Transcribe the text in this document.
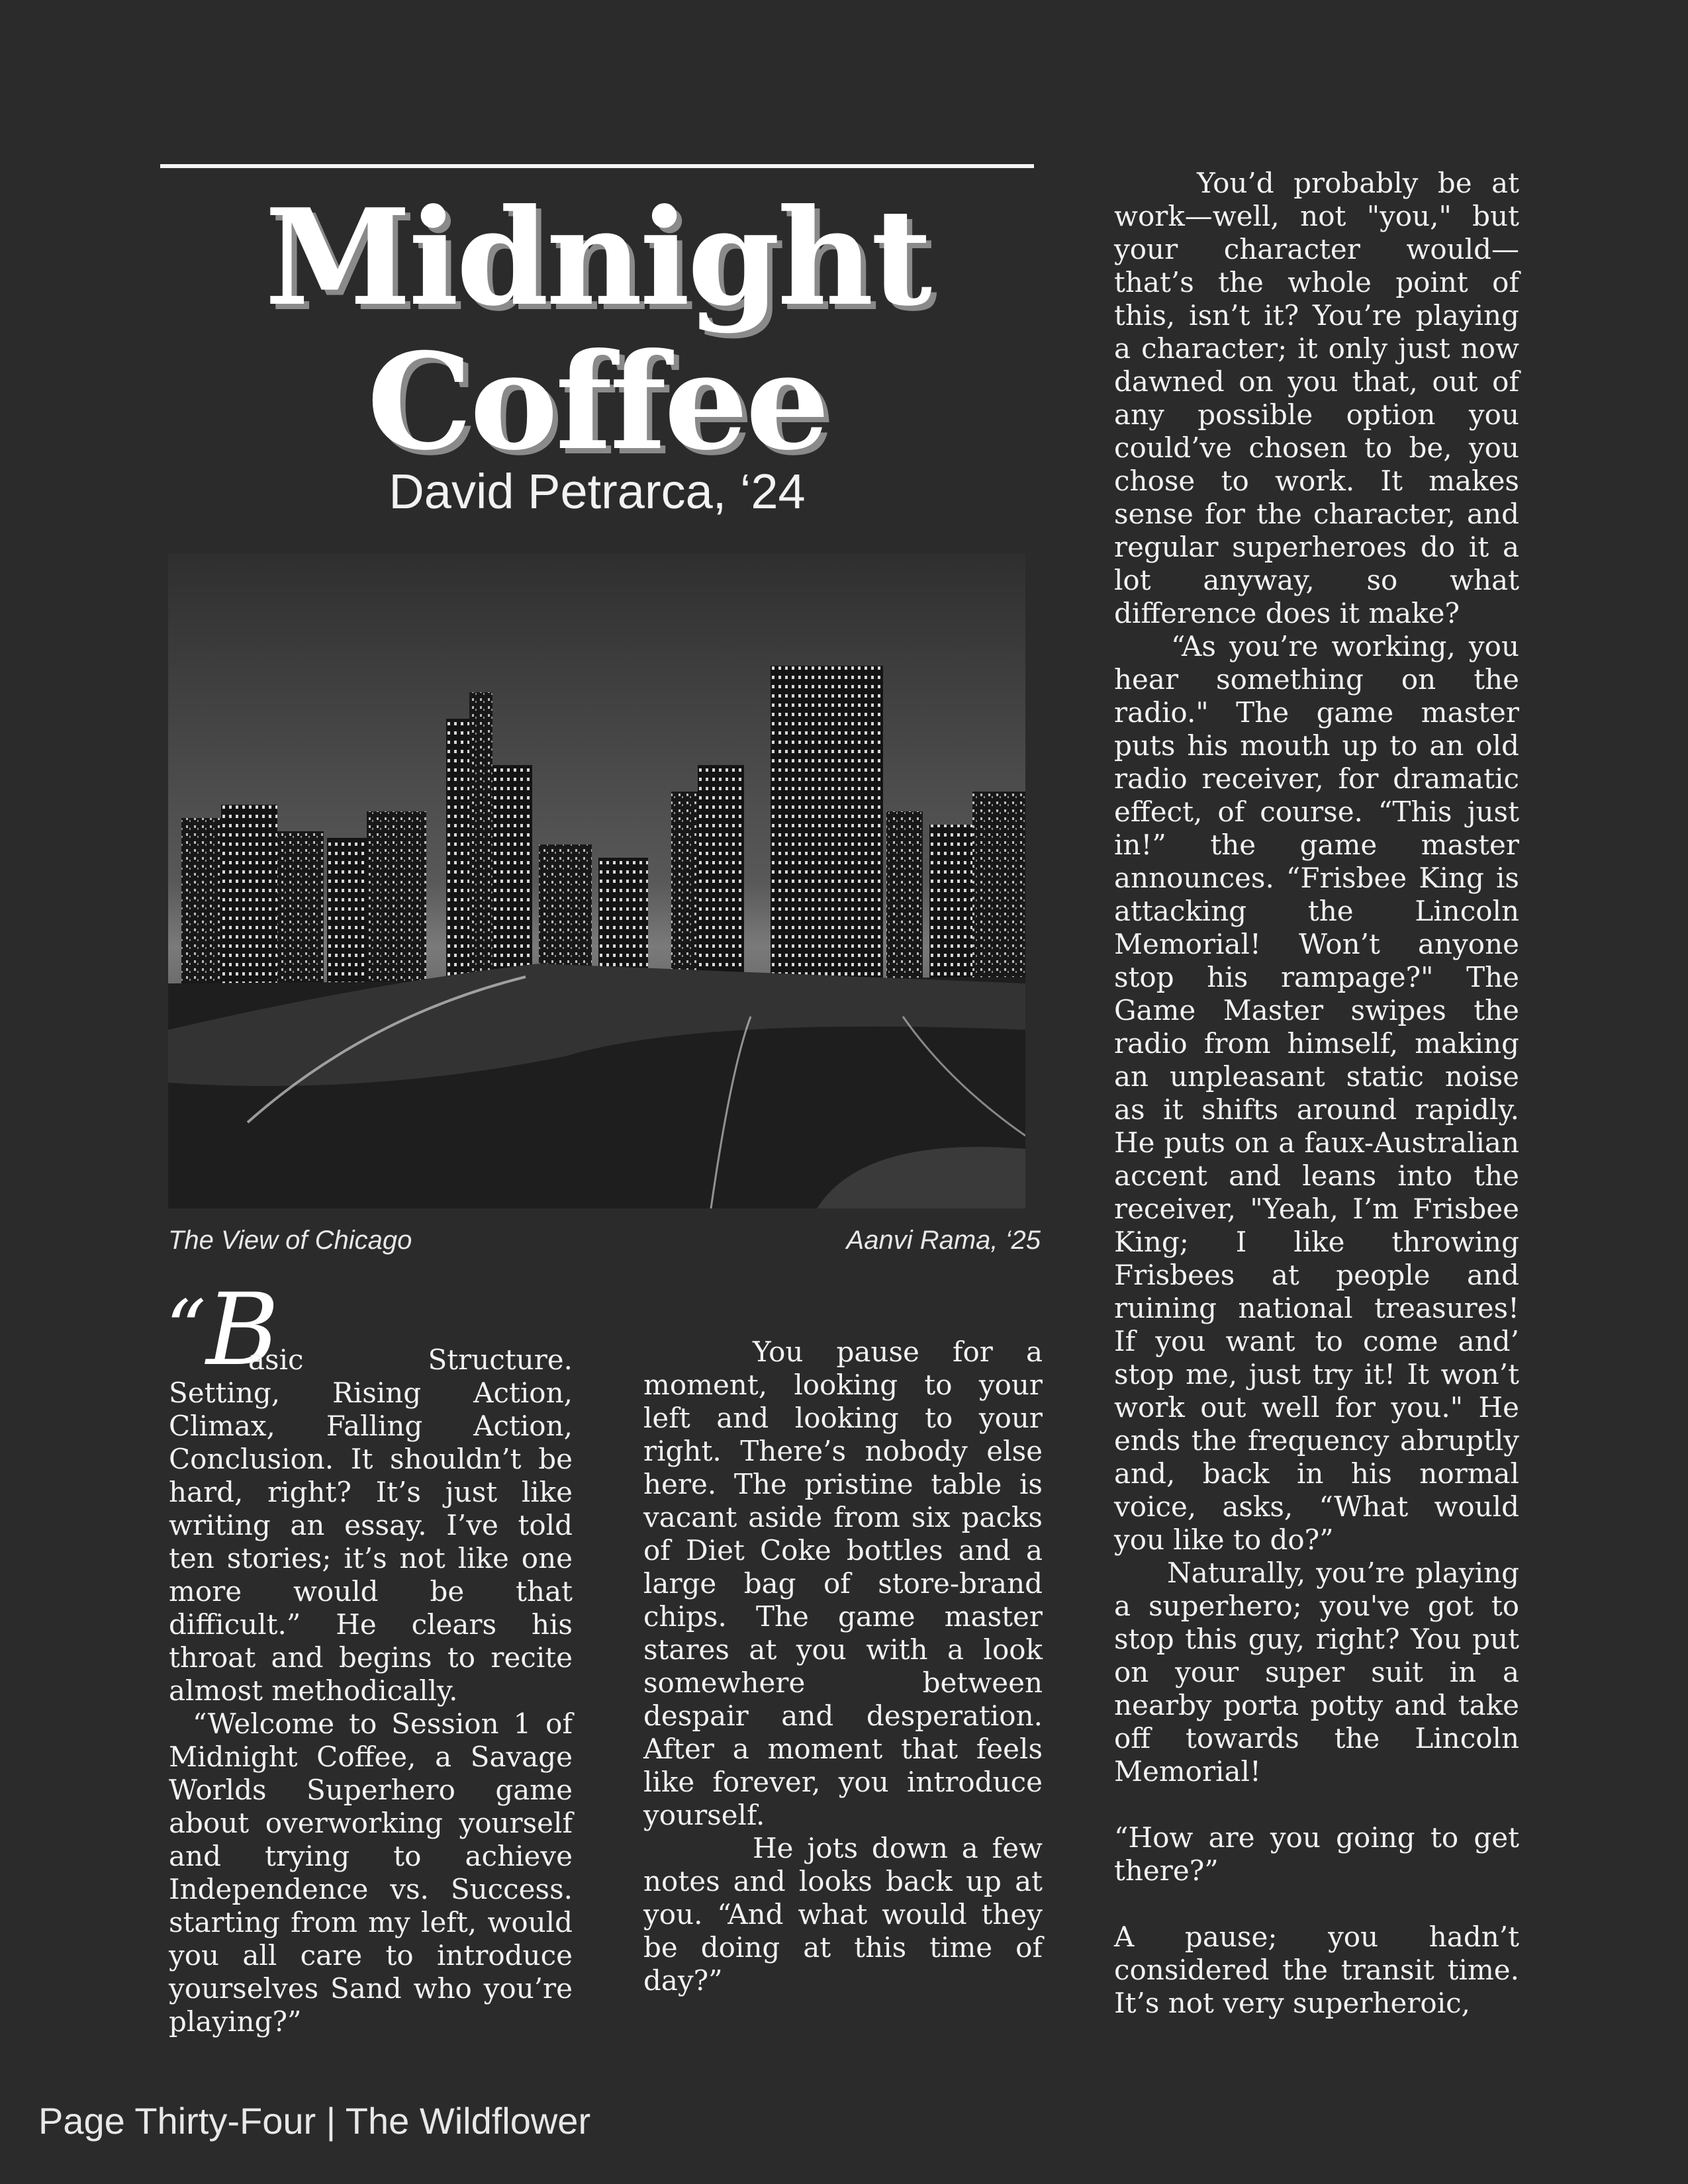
Midnight
Coffee
David Petrarca, ‘24
The View of Chicago	Aanvi Rama, ‘25
“B

asic Structure. Setting, Rising Action, Climax, Falling Action, Conclusion. It shouldn’t be hard, right? It’s just like writing an essay. I’ve told ten stories; it’s not like one more would be that difficult.” He clears his throat and begins to recite almost methodically.

“Welcome to Session 1 of Midnight Coffee, a Savage Worlds Superhero game about overworking yourself and trying to achieve Independence vs. Success. starting from my left, would you all care to introduce yourselves Sand who you’re playing?”

You pause for a moment, looking to your left and looking to your right. There’s nobody else here. The pristine table is vacant aside from six packs of Diet Coke bottles and a large bag of store-brand chips. The game master stares at you with a look somewhere between despair and desperation. After a moment that feels like forever, you introduce yourself.

He jots down a few notes and looks back up at you. “And what would they be doing at this time of day?”

You’d probably be at work—well, not "you," but your character would—that’s the whole point of this, isn’t it? You’re playing a character; it only just now dawned on you that, out of any possible option you could’ve chosen to be, you chose to work. It makes sense for the character, and regular superheroes do it a lot anyway, so what difference does it make?

“As you’re working, you hear something on the radio." The game master puts his mouth up to an old radio receiver, for dramatic effect, of course. “This just in!” the game master announces. “Frisbee King is attacking the Lincoln Memorial! Won’t anyone stop his rampage?" The Game Master swipes the radio from himself, making an unpleasant static noise as it shifts around rapidly. He puts on a faux-Australian accent and leans into the receiver, "Yeah, I’m Frisbee King; I like throwing Frisbees at people and ruining national treasures! If you want to come and’ stop me, just try it! It won’t work out well for you." He ends the frequency abruptly and, back in his normal voice, asks, “What would you like to do?”

Naturally, you’re playing a superhero; you've got to stop this guy, right? You put on your super suit in a nearby porta potty and take off towards the Lincoln Memorial!

“How are you going to get there?”

A pause; you hadn’t considered the transit time. It’s not very superheroic,

Page Thirty-Four | The Wildflower
